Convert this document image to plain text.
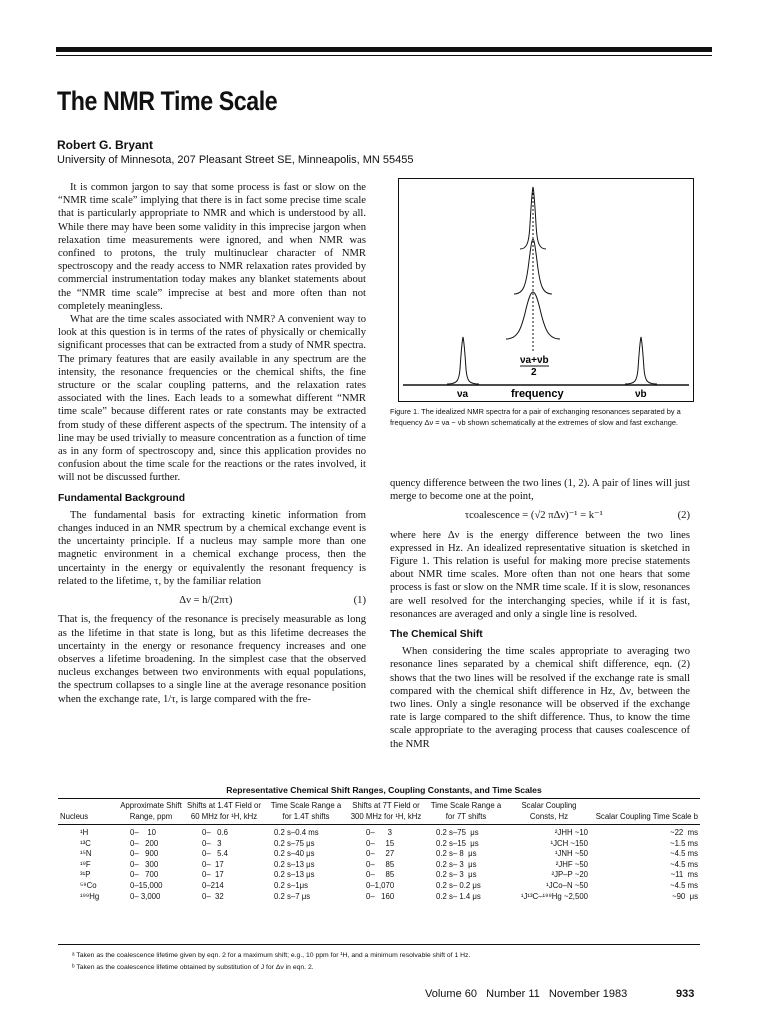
The NMR Time Scale
Robert G. Bryant
University of Minnesota, 207 Pleasant Street SE, Minneapolis, MN 55455

It is common jargon to say that some process is fast or slow on the “NMR time scale” implying that there is in fact some precise time scale that is particularly appropriate to NMR and which is understood by all. While there may have been some validity in this imprecise jargon when relaxation time measurements were ignored, and when NMR was confined to protons, the truly multinuclear character of NMR spectroscopy and the ready access to NMR relaxation rates provided by commercial instrumentation today makes any blanket statements about the “NMR time scale” imprecise at best and more often than not completely meaningless.

What are the time scales associated with NMR? A convenient way to look at this question is in terms of the rates of physically or chemically significant processes that can be extracted from a study of NMR spectra. The primary features that are easily available in any spectrum are the intensity, the resonance frequencies or the chemical shifts, the fine structure or the scalar coupling patterns, and the relaxation rates associated with the lines. Each leads to a somewhat different “NMR time scale” because different rates or rate constants may be extracted from study of these different aspects of the spectrum. The intensity of a line may be used trivially to measure concentration as a function of time as in any form of spectroscopy and, since this application provides no confusion about the time scale for the reactions or the rates involved, it will not be discussed further.

Fundamental Background

The fundamental basis for extracting kinetic information from changes induced in an NMR spectrum by a chemical exchange event is the uncertainty principle. If a nucleus may sample more than one magnetic environment in a chemical exchange process, then the uncertainty in the energy or equivalently the resonant frequency is related to the lifetime, τ, by the familiar relation

Δν = h/(2πτ)	(1)

That is, the frequency of the resonance is precisely measurable as long as the lifetime in that state is long, but as this lifetime decreases the uncertainty in the energy or resonance frequency increases and one observes a lifetime broadening. In the simplest case that the observed nucleus exchanges between two environments with equal populations, the spectrum collapses to a single line at the average resonance position when the exchange rate, 1/τ, is large compared with the fre-

νa
νa+νb
2
frequency	νb
Figure 1. The idealized NMR spectra for a pair of exchanging resonances separated by a frequency Δν = νa − νb shown schematically at the extremes of slow and fast exchange.

quency difference between the two lines (1, 2). A pair of lines will just merge to become one at the point,

τcoalescence = (√2 πΔν)⁻¹ = k⁻¹	(2)

where here Δν is the energy difference between the two lines expressed in Hz. An idealized representative situation is sketched in Figure 1. This relation is useful for making more precise statements about NMR time scales. More often than not one hears that some process is fast or slow on the NMR time scale. If it is slow, resonances are well resolved for the interchanging species, while if it is fast, resonances are averaged and only a single line is resolved.

The Chemical Shift

When considering the time scales appropriate to averaging two resonance lines separated by a chemical shift difference, eqn. (2) shows that the two lines will be resolved if the exchange rate is small compared with the chemical shift difference in Hz, Δν, between the two lines. Only a single resonance will be observed if the exchange rate is large compared to the shift difference. Thus, to know the time scale appropriate to the averaging process that causes coalescence of the NMR

Representative Chemical Shift Ranges, Coupling Constants, and Time Scales
Nucleus	Approximate Shift Range, ppm	Shifts at 1.4T Field or 60 MHz for ¹H, kHz	Time Scale Range a for 1.4T shifts	Shifts at 7T Field or 300 MHz for ¹H, kHz	Time Scale Range a for 7T shifts	Scalar Coupling Consts, Hz	Scalar Coupling Time Scale b
¹H	0–    10	0–   0.6	0.2 s–0.4 ms	0–      3	0.2 s–75  μs	²JHH ~10	~22  ms
¹³C	0–   200	0–   3	0.2 s–75 μs	0–     15	0.2 s–15  μs	¹JCH ~150	~1.5 ms
¹⁵N	0–   900	0–   5.4	0.2 s–40 μs	0–     27	0.2 s– 8  μs	¹JNH ~50	~4.5 ms
¹⁹F	0–   300	0–  17	0.2 s–13 μs	0–     85	0.2 s– 3  μs	²JHF ~50	~4.5 ms
³¹P	0–   700	0–  17	0.2 s–13 μs	0–     85	0.2 s– 3  μs	²JP–P ~20	~11  ms
⁵⁹Co	0–15,000	0–214	0.2 s–1μs	0–1,070	0.2 s– 0.2 μs	¹JCo–N ~50	~4.5 ms
¹⁹⁹Hg	0– 3,000	0–  32	0.2 s–7 μs	0–   160	0.2 s– 1.4 μs	¹J¹³C–¹⁹⁹Hg ~2,500	~90  μs
ᵃ Taken as the coalescence lifetime given by eqn. 2 for a maximum shift; e.g., 10 ppm for ¹H, and a minimum resolvable shift of 1 Hz.
ᵇ Taken as the coalescence lifetime obtained by substitution of J for Δν in eqn. 2.
Volume 60   Number 11   November 1983	933
